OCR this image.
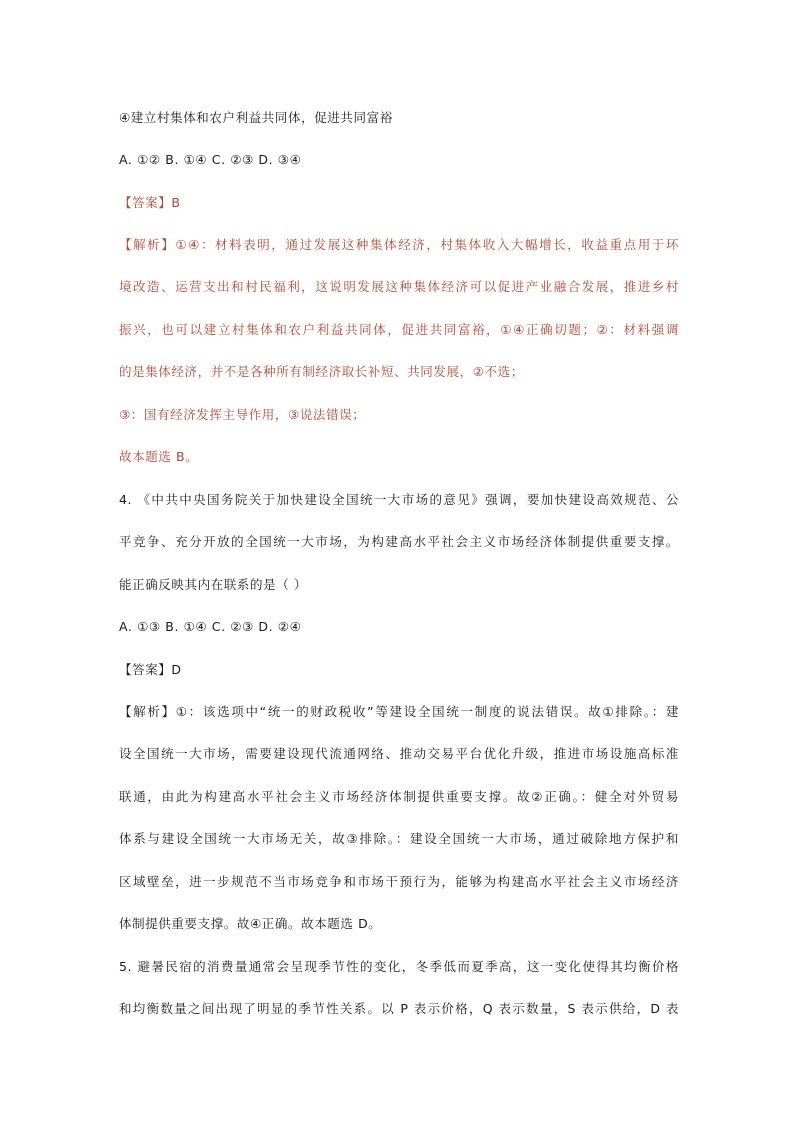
④建立村集体和农户利益共同体，促进共同富裕
A. ①② B. ①④ C. ②③ D. ③④
【答案】B
【解析】①④：材料表明，通过发展这种集体经济，村集体收入大幅增长，收益重点用于环
境改造、运营支出和村民福利，这说明发展这种集体经济可以促进产业融合发展，推进乡村
振兴，也可以建立村集体和农户利益共同体，促进共同富裕，①④正确切题；②：材料强调
的是集体经济，并不是各种所有制经济取长补短、共同发展，②不选；
③：国有经济发挥主导作用，③说法错误；
故本题选 B。
4. 《中共中央国务院关于加快建设全国统一大市场的意见》强调，要加快建设高效规范、公
平竞争、充分开放的全国统一大市场，为构建高水平社会主义市场经济体制提供重要支撑。
能正确反映其内在联系的是（ ）
A. ①③ B. ①④ C. ②③ D. ②④
【答案】D
【解析】①：该选项中“统一的财政税收”等建设全国统一制度的说法错误。故①排除。：建
设全国统一大市场，需要建设现代流通网络、推动交易平台优化升级，推进市场设施高标准
联通，由此为构建高水平社会主义市场经济体制提供重要支撑。故②正确。：健全对外贸易
体系与建设全国统一大市场无关，故③排除。：建设全国统一大市场，通过破除地方保护和
区域壁垒，进一步规范不当市场竞争和市场干预行为，能够为构建高水平社会主义市场经济
体制提供重要支撑。故④正确。故本题选 D。
5. 避暑民宿的消费量通常会呈现季节性的变化，冬季低而夏季高，这一变化使得其均衡价格
和均衡数量之间出现了明显的季节性关系。以 P 表示价格，Q 表示数量，S 表示供给，D 表
